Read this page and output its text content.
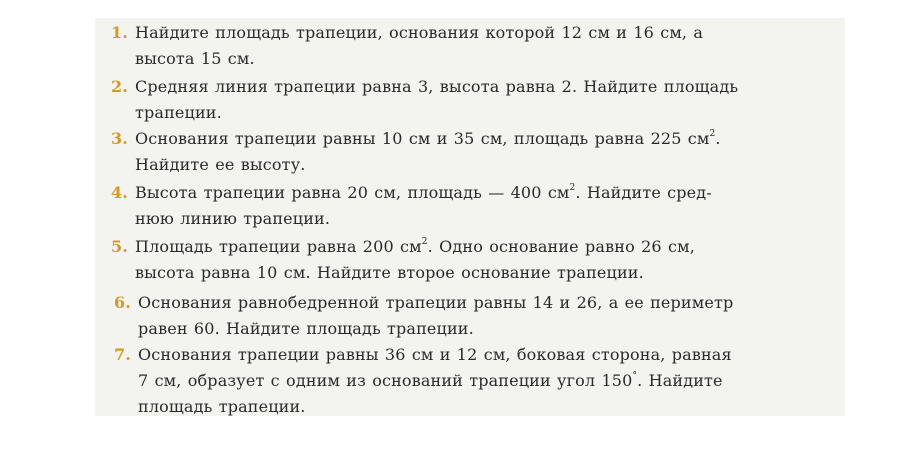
1. Найдите площадь трапеции, основания которой 12 см и 16 см, а
высота 15 см.
2. Средняя линия трапеции равна 3, высота равна 2. Найдите площадь
трапеции.
3. Основания трапеции равны 10 см и 35 см, площадь равна 225 $см^2$.
Найдите ее высоту.
4. Высота трапеции равна 20 см, площадь — 400 $см^2$. Найдите сред-
нюю линию трапеции.
5. Площадь трапеции равна 200 $см^2$. Одно основание равно 26 см,
высота равна 10 см. Найдите второе основание трапеции.
6. Основания равнобедренной трапеции равны 14 и 26, а ее периметр
равен 60. Найдите площадь трапеции.
7. Основания трапеции равны 36 см и 12 см, боковая сторона, равная
7 см, образует с одним из оснований трапеции угол 150°. Найдите
площадь трапеции.
